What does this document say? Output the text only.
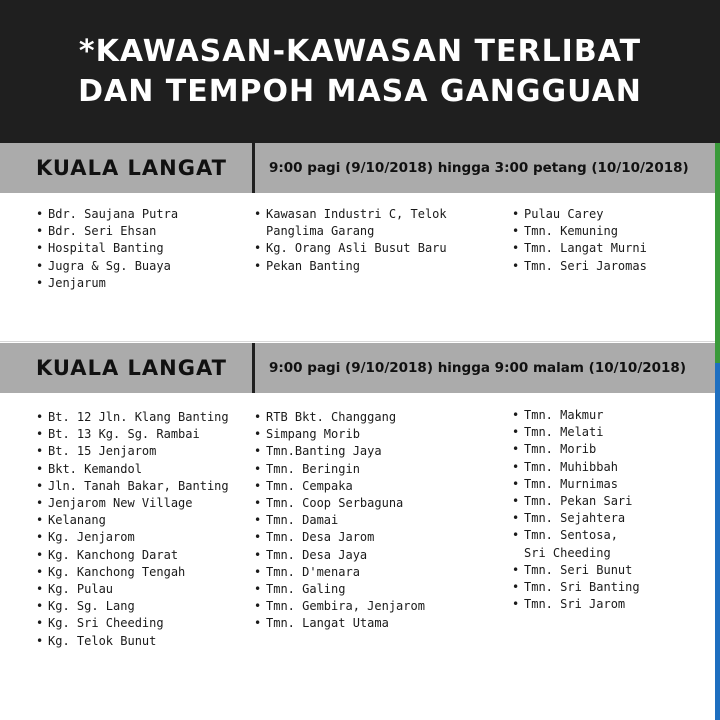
*KAWASAN-KAWASAN TERLIBAT
DAN TEMPOH MASA GANGGUAN
KUALA LANGAT	9:00 pagi (9/10/2018) hingga 3:00 petang (10/10/2018)
• Bdr. Saujana Putra
• Bdr. Seri Ehsan
• Hospital Banting
• Jugra & Sg. Buaya
• Jenjarum
• Kawasan Industri C, Telok
Panglima Garang
• Kg. Orang Asli Busut Baru
• Pekan Banting
• Pulau Carey
• Tmn. Kemuning
• Tmn. Langat Murni
• Tmn. Seri Jaromas
KUALA LANGAT	9:00 pagi (9/10/2018) hingga 9:00 malam (10/10/2018)
• Bt. 12 Jln. Klang Banting
• Bt. 13 Kg. Sg. Rambai
• Bt. 15 Jenjarom
• Bkt. Kemandol
• Jln. Tanah Bakar, Banting
• Jenjarom New Village
• Kelanang
• Kg. Jenjarom
• Kg. Kanchong Darat
• Kg. Kanchong Tengah
• Kg. Pulau
• Kg. Sg. Lang
• Kg. Sri Cheeding
• Kg. Telok Bunut
• RTB Bkt. Changgang
• Simpang Morib
• Tmn.Banting Jaya
• Tmn. Beringin
• Tmn. Cempaka
• Tmn. Coop Serbaguna
• Tmn. Damai
• Tmn. Desa Jarom
• Tmn. Desa Jaya
• Tmn. D'menara
• Tmn. Galing
• Tmn. Gembira, Jenjarom
• Tmn. Langat Utama
• Tmn. Makmur
• Tmn. Melati
• Tmn. Morib
• Tmn. Muhibbah
• Tmn. Murnimas
• Tmn. Pekan Sari
• Tmn. Sejahtera
• Tmn. Sentosa,
Sri Cheeding
• Tmn. Seri Bunut
• Tmn. Sri Banting
• Tmn. Sri Jarom
